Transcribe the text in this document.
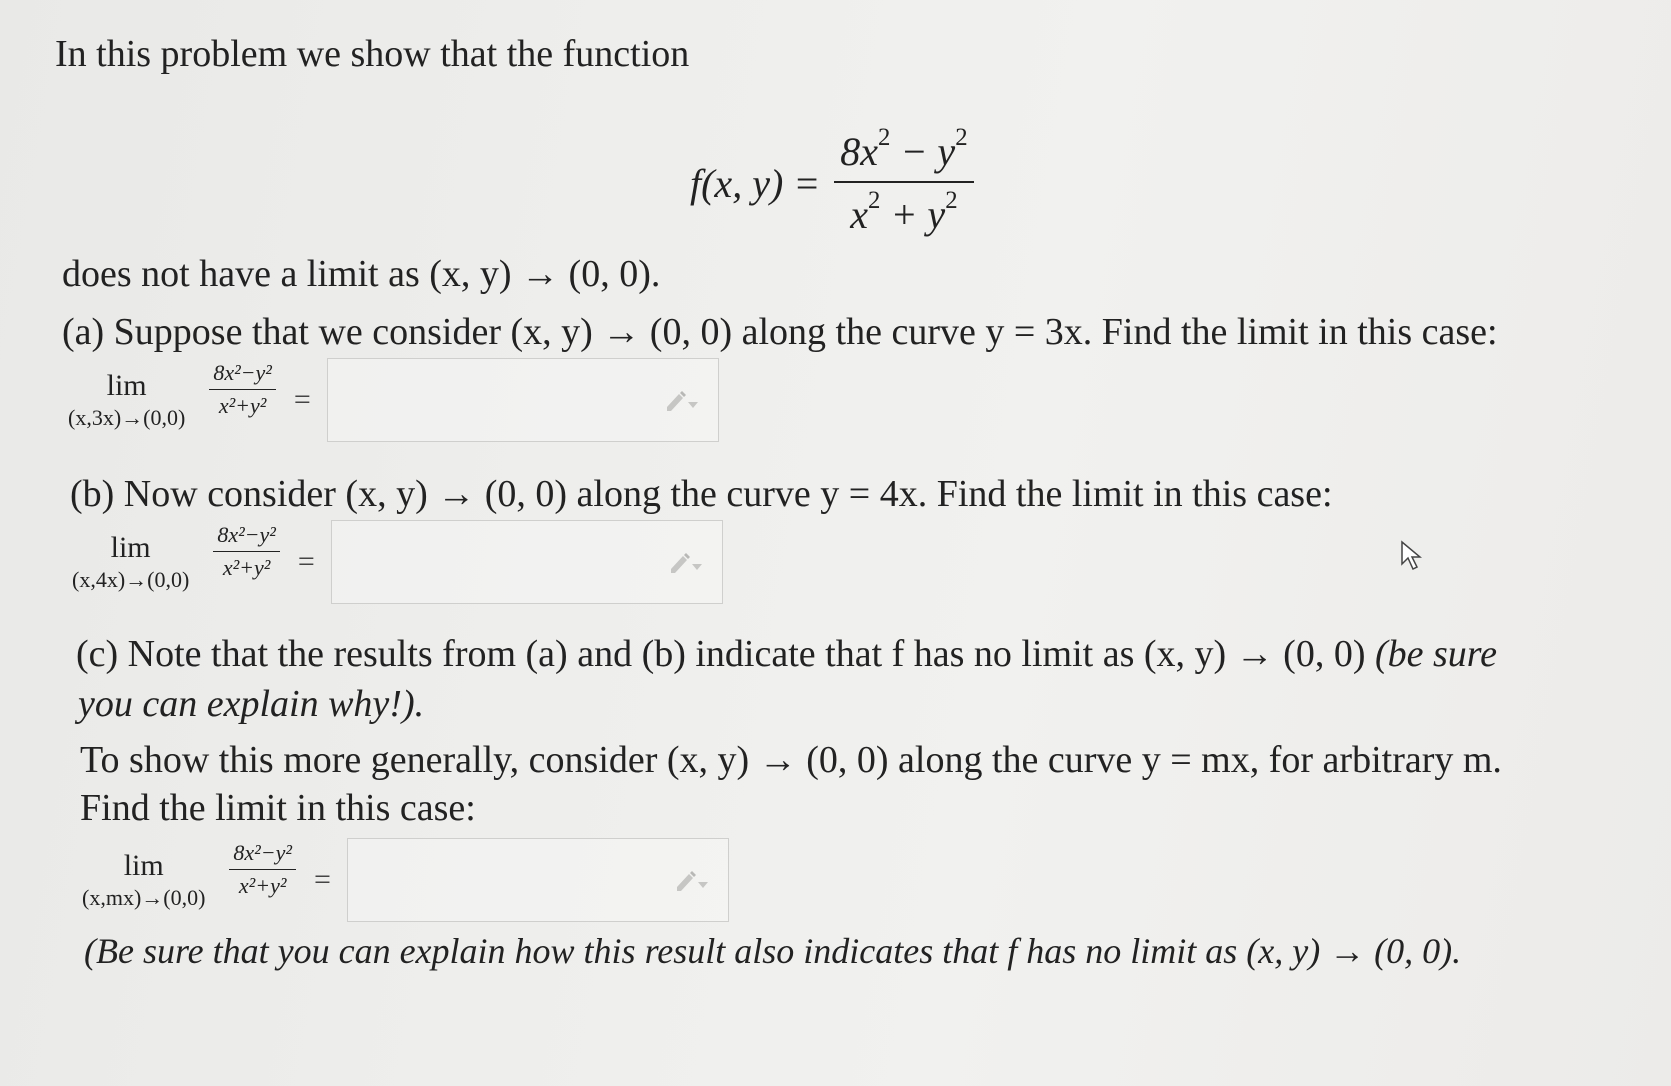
In this problem we show that the function
f(x, $y) = \frac{8x^2 - y^2}{x^2 + y^2}$
does not have a limit as (x, y) → (0, 0).
(a) Suppose that we consider (x, y) → (0, 0) along the curve y = 3x. Find the limit in this case:
lim
$(x,3x)\to(0,0) \frac{\text{8x²−y²}}{\text{x²+y²}}$ =
(b) Now consider (x, y) → (0, 0) along the curve y = 4x. Find the limit in this case:
lim
$(x,4x)\to(0,0) \frac{\text{8x²−y²}}{\text{x²+y²}}$ =
(c) Note that the results from (a) and (b) indicate that f has no limit as (x, y) → (0, 0) (be sure
you can explain why!).
To show this more generally, consider (x, y) → (0, 0) along the curve y = mx, for arbitrary m.
Find the limit in this case:
lim
$(x,mx)\to(0,0) \frac{\text{8x²−y²}}{\text{x²+y²}}$ =
(Be sure that you can explain how this result also indicates that f has no limit as (x, y) → (0, 0).
